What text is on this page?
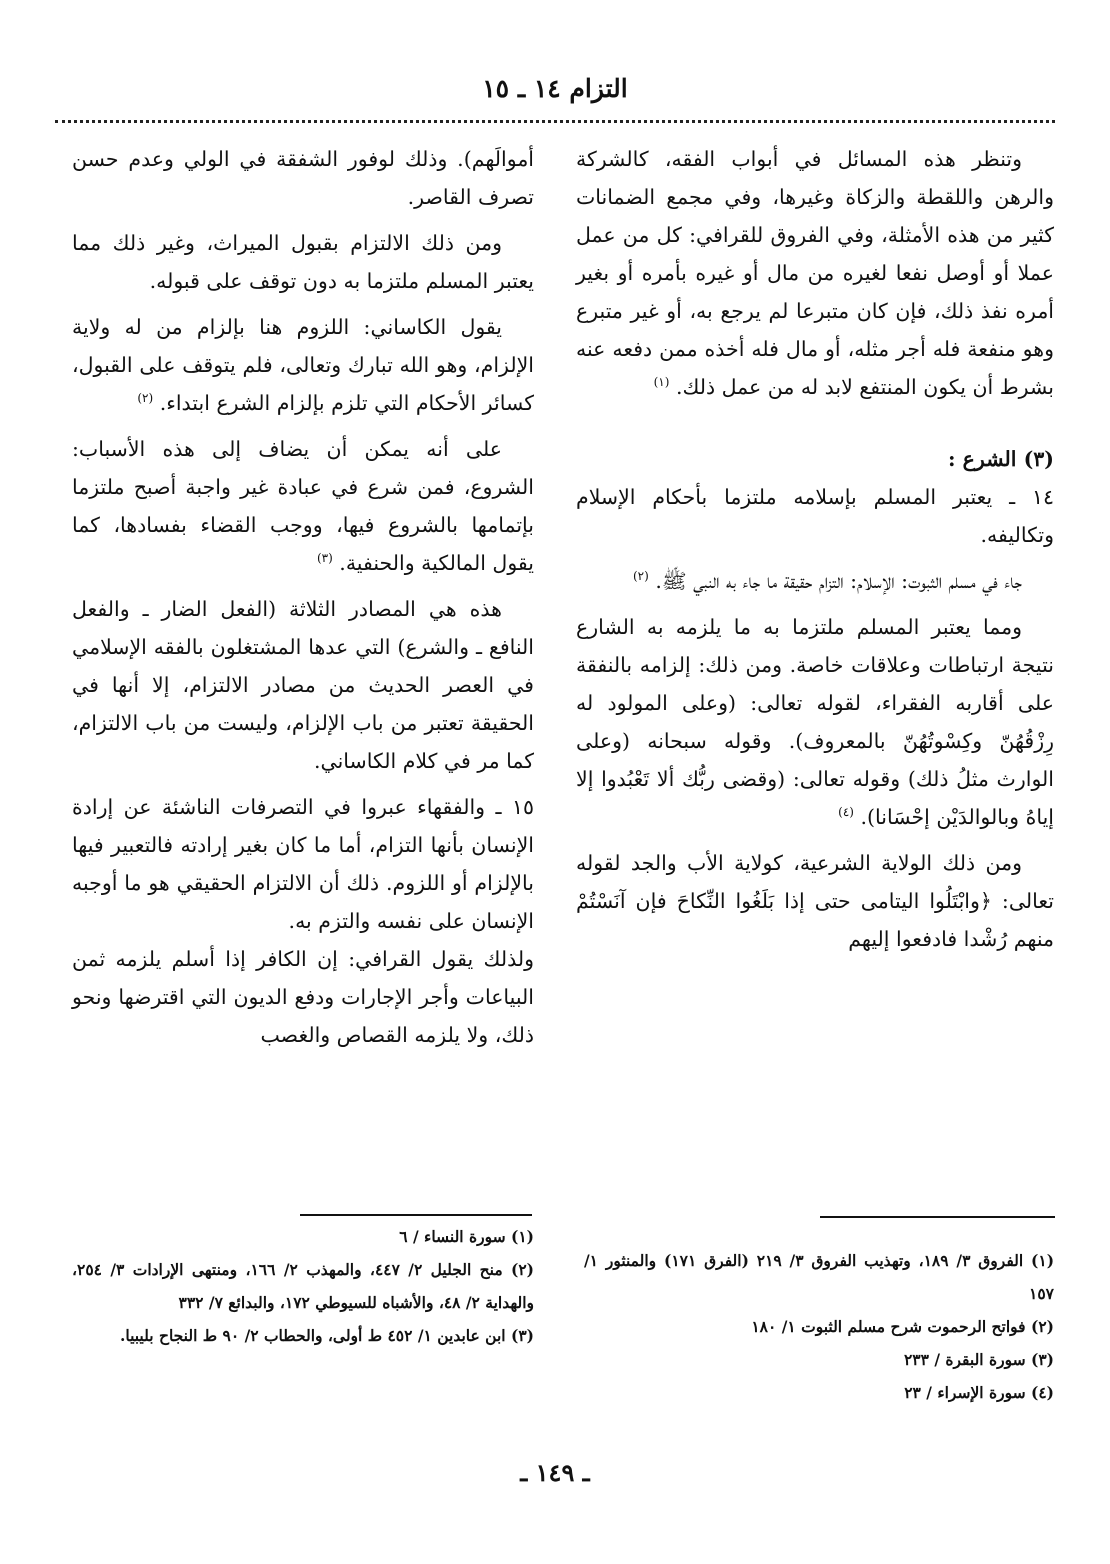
التزام ١٤ ـ ١٥

وتنظر هذه المسائل في أبواب الفقه، كالشركة والرهن واللقطة والزكاة وغيرها، وفي مجمع الضمانات كثير من هذه الأمثلة، وفي الفروق للقرافي: كل من عمل عملا أو أوصل نفعا لغيره من مال أو غيره بأمره أو بغير أمره نفذ ذلك، فإن كان متبرعا لم يرجع به، أو غير متبرع وهو منفعة فله أجر مثله، أو مال فله أخذه ممن دفعه عنه بشرط أن يكون المنتفع لابد له من عمل ذلك. $^{(١)}$

(٣) الشرع :

١٤ ـ يعتبر المسلم بإسلامه ملتزما بأحكام الإسلام وتكاليفه.

جاء في مسلم الثبوت: الإسلام: التزام حقيقة ما جاء به النبي ﷺ. $^{(٢)}$

ومما يعتبر المسلم ملتزما به ما يلزمه به الشارع نتيجة ارتباطات وعلاقات خاصة. ومن ذلك: إلزامه بالنفقة على أقاربه الفقراء، لقوله تعالى: (وعلى المولود له رِزْقُهُنّ وكِسْوتُهُنّ بالمعروف). وقوله سبحانه (وعلى الوارث مثلُ ذلك) وقوله تعالى: (وقضى ربُّك ألا تَعْبُدوا إلا إياهُ وبالوالدَيْن إحْسَانا). $^{(٤)}$

ومن ذلك الولاية الشرعية، كولاية الأب والجد لقوله تعالى: ﴿وابْتَلُوا اليتامى حتى إذا بَلَغُوا النِّكاحَ فإن آنَسْتُمْ منهم رُشْدا فادفعوا إليهم

أموالَهم). وذلك لوفور الشفقة في الولي وعدم حسن تصرف القاصر.

ومن ذلك الالتزام بقبول الميراث، وغير ذلك مما يعتبر المسلم ملتزما به دون توقف على قبوله.

يقول الكاساني: اللزوم هنا بإلزام من له ولاية الإلزام، وهو الله تبارك وتعالى، فلم يتوقف على القبول، كسائر الأحكام التي تلزم بإلزام الشرع ابتداء. $^{(٢)}$

على أنه يمكن أن يضاف إلى هذه الأسباب: الشروع، فمن شرع في عبادة غير واجبة أصبح ملتزما بإتمامها بالشروع فيها، ووجب القضاء بفسادها، كما يقول المالكية والحنفية. $^{(٣)}$

هذه هي المصادر الثلاثة (الفعل الضار ـ والفعل النافع ـ والشرع) التي عدها المشتغلون بالفقه الإسلامي في العصر الحديث من مصادر الالتزام، إلا أنها في الحقيقة تعتبر من باب الإلزام، وليست من باب الالتزام، كما مر في كلام الكاساني.

١٥ ـ والفقهاء عبروا في التصرفات الناشئة عن إرادة الإنسان بأنها التزام، أما ما كان بغير إرادته فالتعبير فيها بالإلزام أو اللزوم. ذلك أن الالتزام الحقيقي هو ما أوجبه الإنسان على نفسه والتزم به.

ولذلك يقول القرافي: إن الكافر إذا أسلم يلزمه ثمن البياعات وأجر الإجارات ودفع الديون التي اقترضها ونحو ذلك، ولا يلزمه القصاص والغصب

(١) الفروق ٣/ ١٨٩، وتهذيب الفروق ٣/ ٢١٩ (الفرق ١٧١) والمنثور ١/ ١٥٧

(٢) فواتح الرحموت شرح مسلم الثبوت ١/ ١٨٠

(٣) سورة البقرة / ٢٣٣

(٤) سورة الإسراء / ٢٣

(١) سورة النساء / ٦

(٢) منح الجليل ٢/ ٤٤٧، والمهذب ٢/ ١٦٦، ومنتهى الإرادات ٣/ ٢٥٤، والهداية ٢/ ٤٨، والأشباه للسيوطي ١٧٢، والبدائع ٧/ ٣٣٢

(٣) ابن عابدين ١/ ٤٥٢ ط أولى، والحطاب ٢/ ٩٠ ط النجاح بليبيا.

ـ ١٤٩ ـ
